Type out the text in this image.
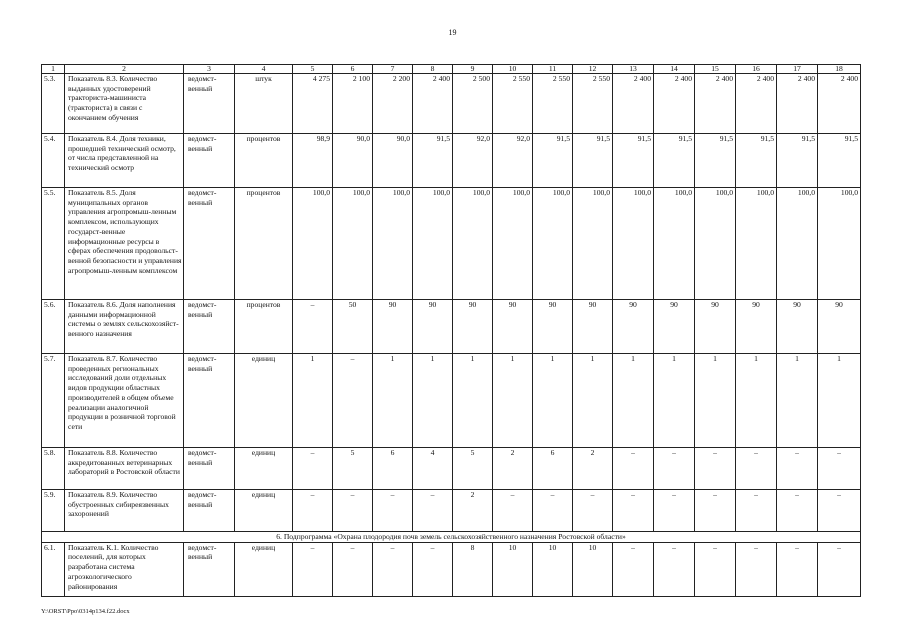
19
1	2	3	4	5	6	7	8	9	10	11	12	13	14	15	16	17	18
5.3.	Показатель 8.3. Количество выданных удостоверений тракториста-машиниста (тракториста) в связи с окончанием обучения	ведомст-венный	штук	4 275	2 100	2 200	2 400	2 500	2 550	2 550	2 550	2 400	2 400	2 400	2 400	2 400	2 400
5.4.	Показатель 8.4. Доля техники, прошедшей технический осмотр, от числа представленной на технический осмотр	ведомст-венный	процентов	98,9	90,0	90,0	91,5	92,0	92,0	91,5	91,5	91,5	91,5	91,5	91,5	91,5	91,5
5.5.	Показатель 8.5. Доля муниципальных органов управления агропромыш-ленным комплексом, использующих государст-венные информационные ресурсы в сферах обеспечения продовольст-венной безопасности и управления агропромыш-ленным комплексом	ведомст-венный	процентов	100,0	100,0	100,0	100,0	100,0	100,0	100,0	100,0	100,0	100,0	100,0	100,0	100,0	100,0
5.6.	Показатель 8.6. Доля наполнения данными информационной системы о землях сельскохозяйст-венного назначения	ведомст-венный	процентов	–	50	90	90	90	90	90	90	90	90	90	90	90	90
5.7.	Показатель 8.7. Количество проведенных региональных исследований доли отдельных видов продукции областных производителей в общем объеме реализации аналогичной продукции в розничной торговой сети	ведомст-венный	единиц	1	–	1	1	1	1	1	1	1	1	1	1	1	1
5.8.	Показатель 8.8. Количество аккредитованных ветеринарных лабораторий в Ростовской области	ведомст-венный	единиц	–	5	6	4	5	2	6	2	–	–	–	–	–	–
5.9.	Показатель 8.9. Количество обустроенных сибиреязвенных захоронений	ведомст-венный	единиц	–	–	–	–	2	–	–	–	–	–	–	–	–	–
6. Подпрограмма «Охрана плодородия почв земель сельскохозяйственного назначения Ростовской области»																	
6.1.	Показатель К.1. Количество поселений, для которых разработана система агроэкологического районирования	ведомст-венный	единиц	–	–	–	–	8	10	10	10	–	–	–	–	–	–
Y:\ORST\Ppo\0314p134.f22.docx
